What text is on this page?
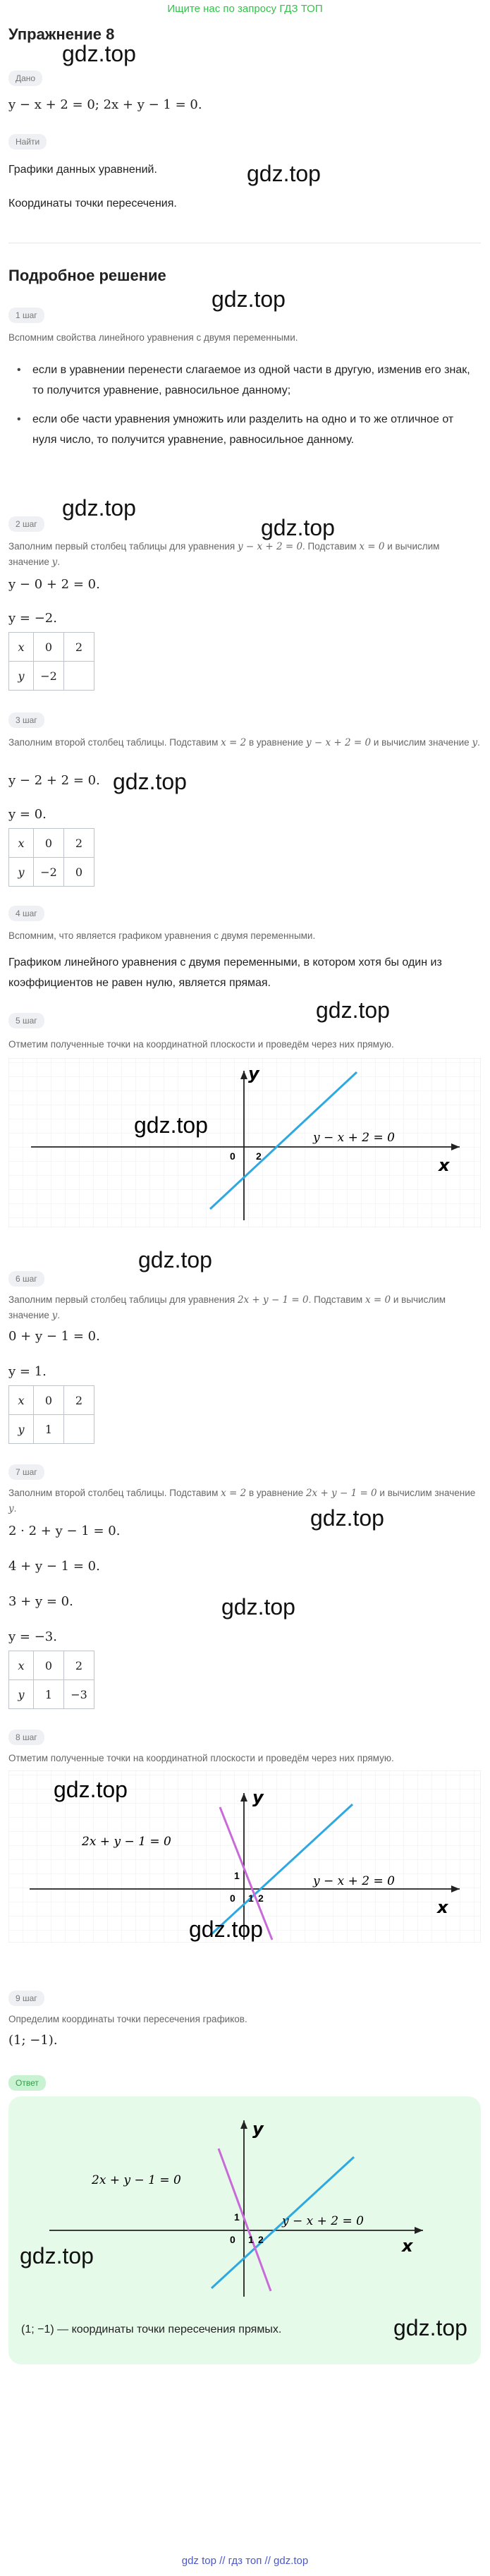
Ищите нас по запросу ГДЗ ТОП
Упражнение 8
Дано
gdz.top
y − x + 2 = 0; 2x + y − 1 = 0.
Найти
Графики данных уравнений.	gdz.top
Координаты точки пересечения.
Подробное решение
gdz.top
1 шаг
Вспомним свойства линейного уравнения с двумя переменными.
• если в уравнении перенести слагаемое из одной части в другую, изменив его знак, то получится уравнение, равносильное данному;
• если обе части уравнения умножить или разделить на одно и то же отличное от нуля число, то получится уравнение, равносильное данному.
gdz.top
2 шаг	gdz.top
Заполним первый столбец таблицы для уравнения y − x + 2 = 0. Подставим x = 0 и вычислим значение y.
y − 0 + 2 = 0.
y = −2.
x	0	2
y	−2	
3 шаг
Заполним второй столбец таблицы. Подставим x = 2 в уравнение y − x + 2 = 0 и вычислим значение y.
y − 2 + 2 = 0. gdz.top
y = 0.
x	0	2
y	−2	0
4 шаг
Вспомним, что является графиком уравнения с двумя переменными.
Графиком линейного уравнения с двумя переменными, в котором хотя бы один из коэффициентов не равен нулю, является прямая.
gdz.top
5 шаг
Отметим полученные точки на координатной плоскости и проведём через них прямую.
y
x
0 2
y − x + 2 = 0
gdz.top
gdz.top
6 шаг
Заполним первый столбец таблицы для уравнения 2x + y − 1 = 0. Подставим x = 0 и вычислим значение y.
0 + y − 1 = 0.
y = 1.
x	0	2
y	1	
7 шаг
Заполним второй столбец таблицы. Подставим x = 2 в уравнение 2x + y − 1 = 0 и вычислим значение y.	gdz.top
2 · 2 + y − 1 = 0.
4 + y − 1 = 0.
3 + y = 0.	gdz.top
y = −3.
x	0	2
y	1	−3
8 шаг
Отметим полученные точки на координатной плоскости и проведём через них прямую.
y
x
0 1 2
1	y − x + 2 = 0
2x + y − 1 = 0
gdz.top
gdz.top
9 шаг
Определим координаты точки пересечения графиков.
(1; −1).
Ответ
y
x
0 1 2
1	y − x + 2 = 0
2x + y − 1 = 0
gdz.top
gdz.top
(1; −1) — координаты точки пересечения прямых.
gdz top // гдз топ // gdz.top
